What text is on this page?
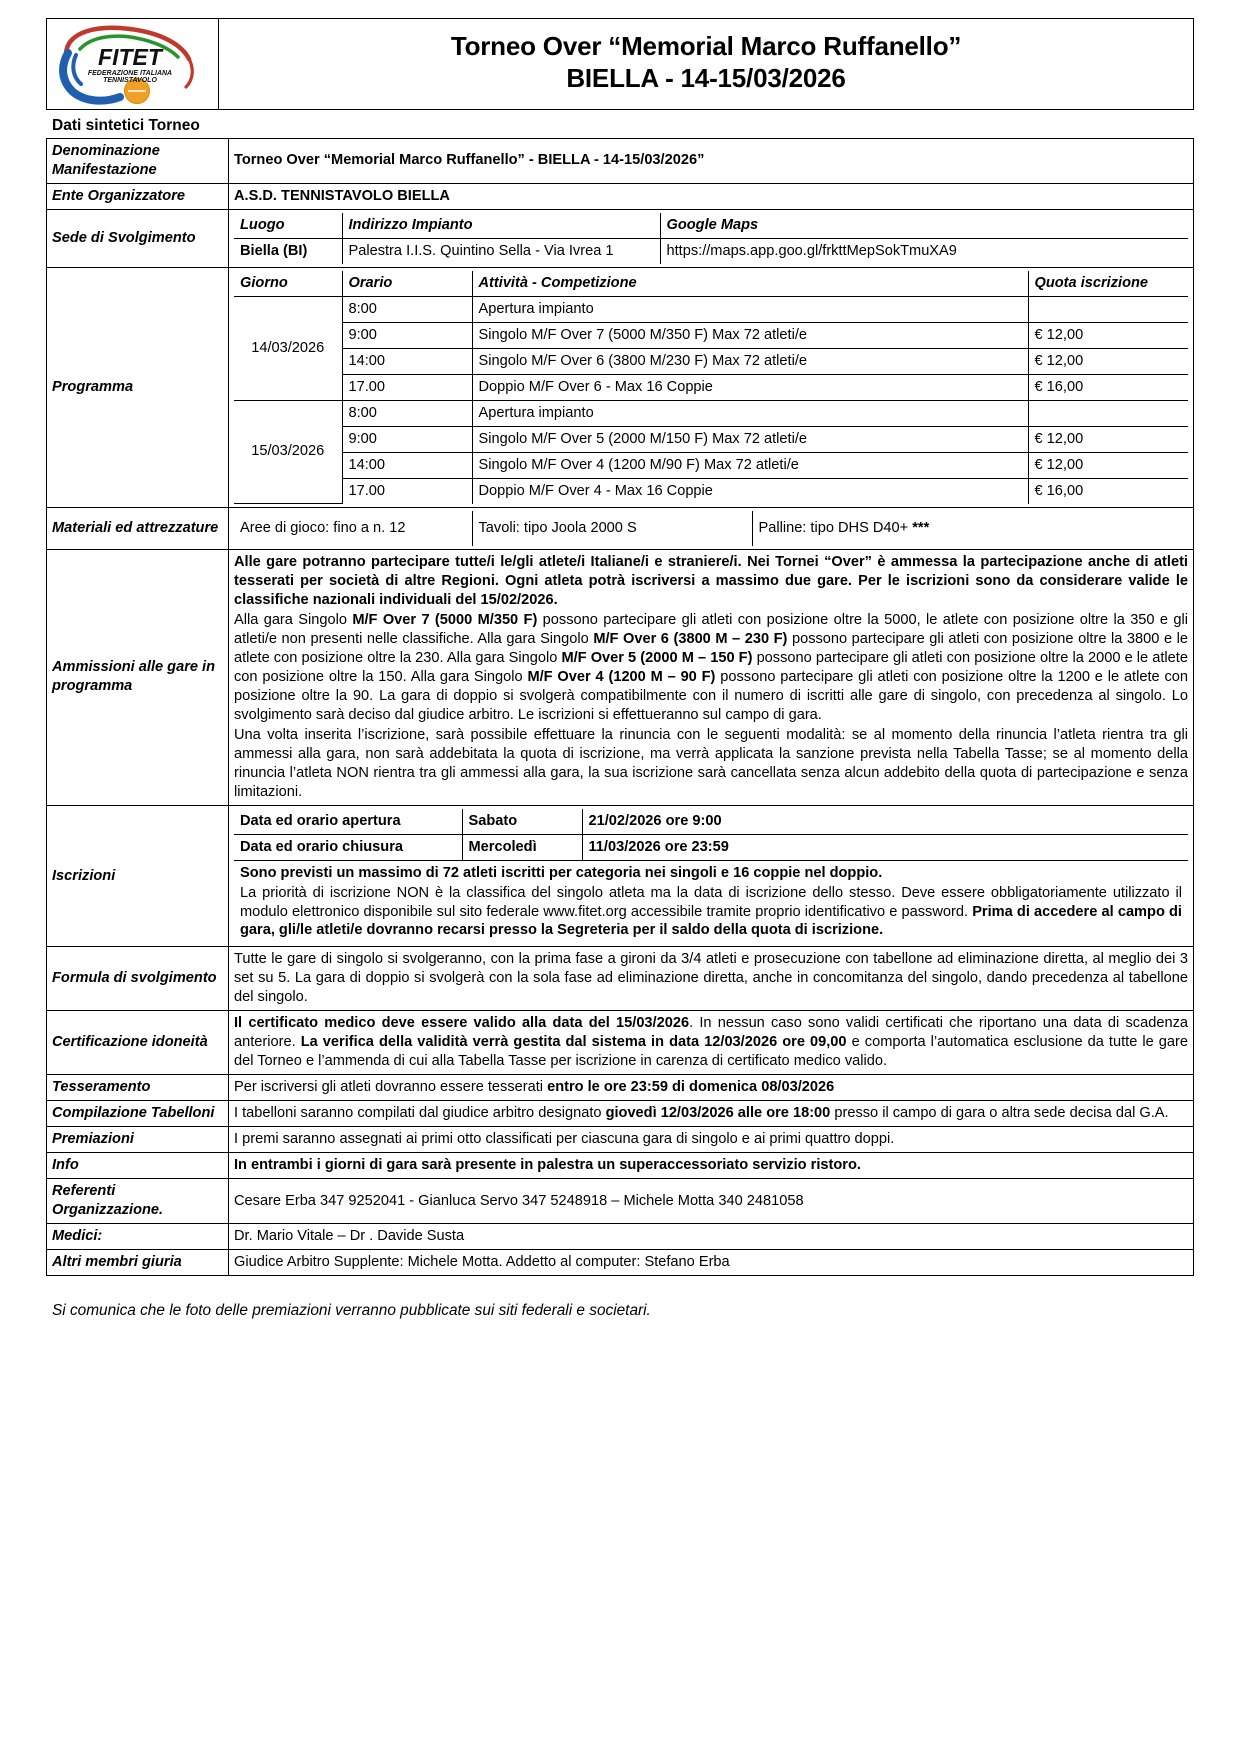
FITET
FEDERAZIONE ITALIANA
TENNISTAVOLO
Torneo Over “Memorial Marco Ruffanello”
BIELLA - 14-15/03/2026
Dati sintetici Torneo
Denominazione Manifestazione	Torneo Over “Memorial Marco Ruffanello” - BIELLA - 14-15/03/2026”
Ente Organizzatore	A.S.D. TENNISTAVOLO BIELLA
Sede di Svolgimento	
Luogo	Indirizzo Impianto	Google Maps
Biella (BI)	Palestra I.I.S. Quintino Sella - Via Ivrea 1	https://maps.app.goo.gl/frkttMepSokTmuXA9

Programma	
Giorno	Orario	Attività - Competizione	Quota iscrizione
14/03/2026	8:00	Apertura impianto	
9:00	Singolo M/F Over 7 (5000 M/350 F) Max 72 atleti/e	€ 12,00
14:00	Singolo M/F Over 6 (3800 M/230 F) Max 72 atleti/e	€ 12,00
17.00	Doppio M/F Over 6 - Max 16 Coppie	€ 16,00
15/03/2026	8:00	Apertura impianto	
9:00	Singolo M/F Over 5 (2000 M/150 F) Max 72 atleti/e	€ 12,00
14:00	Singolo M/F Over 4 (1200 M/90 F) Max 72 atleti/e	€ 12,00
17.00	Doppio M/F Over 4 - Max 16 Coppie	€ 16,00

Materiali ed attrezzature	Aree di gioco: fino a n. 12	Tavoli: tipo Joola 2000 S	Palline: tipo DHS D40+ ***

Ammissioni alle gare in programma	

Alle gare potranno partecipare tutte/i le/gli atlete/i Italiane/i e straniere/i. Nei Tornei “Over” è ammessa la partecipazione anche di atleti tesserati per società di altre Regioni. Ogni atleta potrà iscriversi a massimo due gare. Per le iscrizioni sono da considerare valide le classifiche nazionali individuali del 15/02/2026.

Alla gara Singolo M/F Over 7 (5000 M/350 F) possono partecipare gli atleti con posizione oltre la 5000, le atlete con posizione oltre la 350 e gli atleti/e non presenti nelle classifiche. Alla gara Singolo M/F Over 6 (3800 M – 230 F) possono partecipare gli atleti con posizione oltre la 3800 e le atlete con posizione oltre la 230. Alla gara Singolo M/F Over 5 (2000 M – 150 F) possono partecipare gli atleti con posizione oltre la 2000 e le atlete con posizione oltre la 150. Alla gara Singolo M/F Over 4 (1200 M – 90 F) possono partecipare gli atleti con posizione oltre la 1200 e le atlete con posizione oltre la 90. La gara di doppio si svolgerà compatibilmente con il numero di iscritti alle gare di singolo, con precedenza al singolo. Lo svolgimento sarà deciso dal giudice arbitro. Le iscrizioni si effettueranno sul campo di gara.

Una volta inserita l’iscrizione, sarà possibile effettuare la rinuncia con le seguenti modalità: se al momento della rinuncia l’atleta rientra tra gli ammessi alla gara, non sarà addebitata la quota di iscrizione, ma verrà applicata la sanzione prevista nella Tabella Tasse; se al momento della rinuncia l’atleta NON rientra tra gli ammessi alla gara, la sua iscrizione sarà cancellata senza alcun addebito della quota di partecipazione e senza limitazioni.

Iscrizioni	
Data ed orario apertura	Sabato	21/02/2026 ore 9:00
Data ed orario chiusura	Mercoledì	11/03/2026 ore 23:59

Sono previsti un massimo di 72 atleti iscritti per categoria nei singoli e 16 coppie nel doppio.

La priorità di iscrizione NON è la classifica del singolo atleta ma la data di iscrizione dello stesso. Deve essere obbligatoriamente utilizzato il modulo elettronico disponibile sul sito federale www.fitet.org accessibile tramite proprio identificativo e password. Prima di accedere al campo di gara, gli/le atleti/e dovranno recarsi presso la Segreteria per il saldo della quota di iscrizione.

Formula di svolgimento	

Tutte le gare di singolo si svolgeranno, con la prima fase a gironi da 3/4 atleti e prosecuzione con tabellone ad eliminazione diretta, al meglio dei 3 set su 5. La gara di doppio si svolgerà con la sola fase ad eliminazione diretta, anche in concomitanza del singolo, dando precedenza al tabellone del singolo.

Certificazione idoneità	

Il certificato medico deve essere valido alla data del 15/03/2026. In nessun caso sono validi certificati che riportano una data di scadenza anteriore. La verifica della validità verrà gestita dal sistema in data 12/03/2026 ore 09,00 e comporta l’automatica esclusione da tutte le gare del Torneo e l’ammenda di cui alla Tabella Tasse per iscrizione in carenza di certificato medico valido.

Tesseramento	Per iscriversi gli atleti dovranno essere tesserati entro le ore 23:59 di domenica 08/03/2026

Compilazione Tabelloni	I tabelloni saranno compilati dal giudice arbitro designato giovedì 12/03/2026 alle ore 18:00 presso il campo di gara o altra sede decisa dal G.A.

Premiazioni	I premi saranno assegnati ai primi otto classificati per ciascuna gara di singolo e ai primi quattro doppi.

Info	In entrambi i giorni di gara sarà presente in palestra un superaccessoriato servizio ristoro.

Referenti Organizzazione.	

Cesare Erba 347 9252041 - Gianluca Servo 347 5248918 – Michele Motta 340 2481058

Medici:	Dr. Mario Vitale – Dr . Davide Susta

Altri membri giuria	Giudice Arbitro Supplente: Michele Motta. Addetto al computer: Stefano Erba

Si comunica che le foto delle premiazioni verranno pubblicate sui siti federali e societari.
